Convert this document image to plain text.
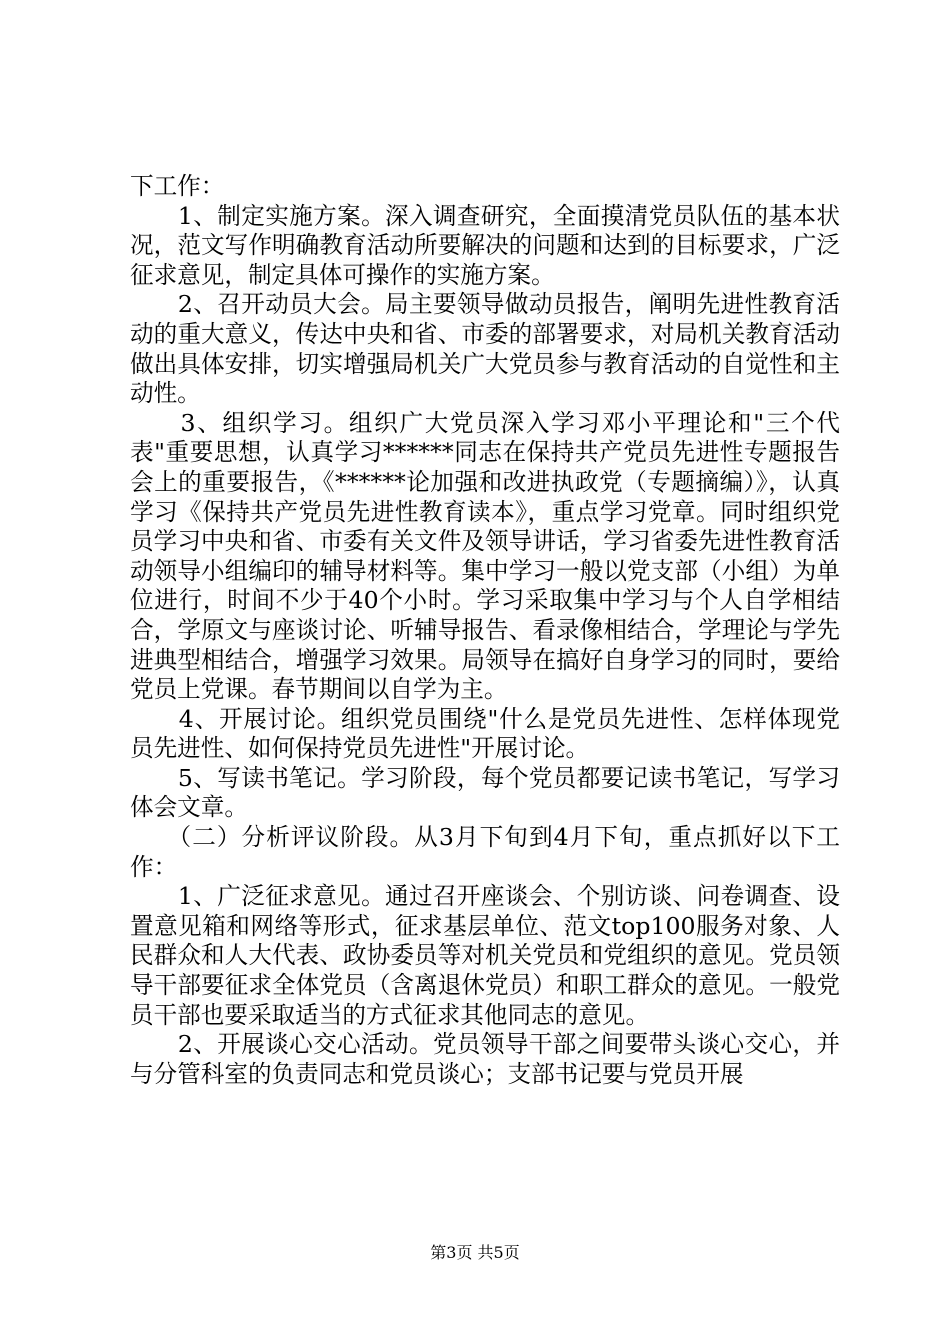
下工作：

　　1、制定实施方案。深入调查研究，全面摸清党员队伍的基本状况，范文写作明确教育活动所要解决的问题和达到的目标要求，广泛征求意见，制定具体可操作的实施方案。

　　2、召开动员大会。局主要领导做动员报告，阐明先进性教育活动的重大意义，传达中央和省、市委的部署要求，对局机关教育活动做出具体安排，切实增强局机关广大党员参与教育活动的自觉性和主动性。

　　3、组织学习。组织广大党员深入学习邓小平理论和"三个代表"重要思想，认真学习******同志在保持共产党员先进性专题报告会上的重要报告，《******论加强和改进执政党（专题摘编）》，认真学习《保持共产党员先进性教育读本》，重点学习党章。同时组织党员学习中央和省、市委有关文件及领导讲话，学习省委先进性教育活动领导小组编印的辅导材料等。集中学习一般以党支部（小组）为单位进行，时间不少于40个小时。学习采取集中学习与个人自学相结合，学原文与座谈讨论、听辅导报告、看录像相结合，学理论与学先进典型相结合，增强学习效果。局领导在搞好自身学习的同时，要给党员上党课。春节期间以自学为主。

　　4、开展讨论。组织党员围绕"什么是党员先进性、怎样体现党员先进性、如何保持党员先进性"开展讨论。

　　5、写读书笔记。学习阶段，每个党员都要记读书笔记，写学习体会文章。

　　（二）分析评议阶段。从3月下旬到4月下旬，重点抓好以下工作：

　　1、广泛征求意见。通过召开座谈会、个别访谈、问卷调查、设置意见箱和网络等形式，征求基层单位、范文top100服务对象、人民群众和人大代表、政协委员等对机关党员和党组织的意见。党员领导干部要征求全体党员（含离退休党员）和职工群众的意见。一般党员干部也要采取适当的方式征求其他同志的意见。

　　2、开展谈心交心活动。党员领导干部之间要带头谈心交心，并与分管科室的负责同志和党员谈心；支部书记要与党员开展

第3页 共5页
